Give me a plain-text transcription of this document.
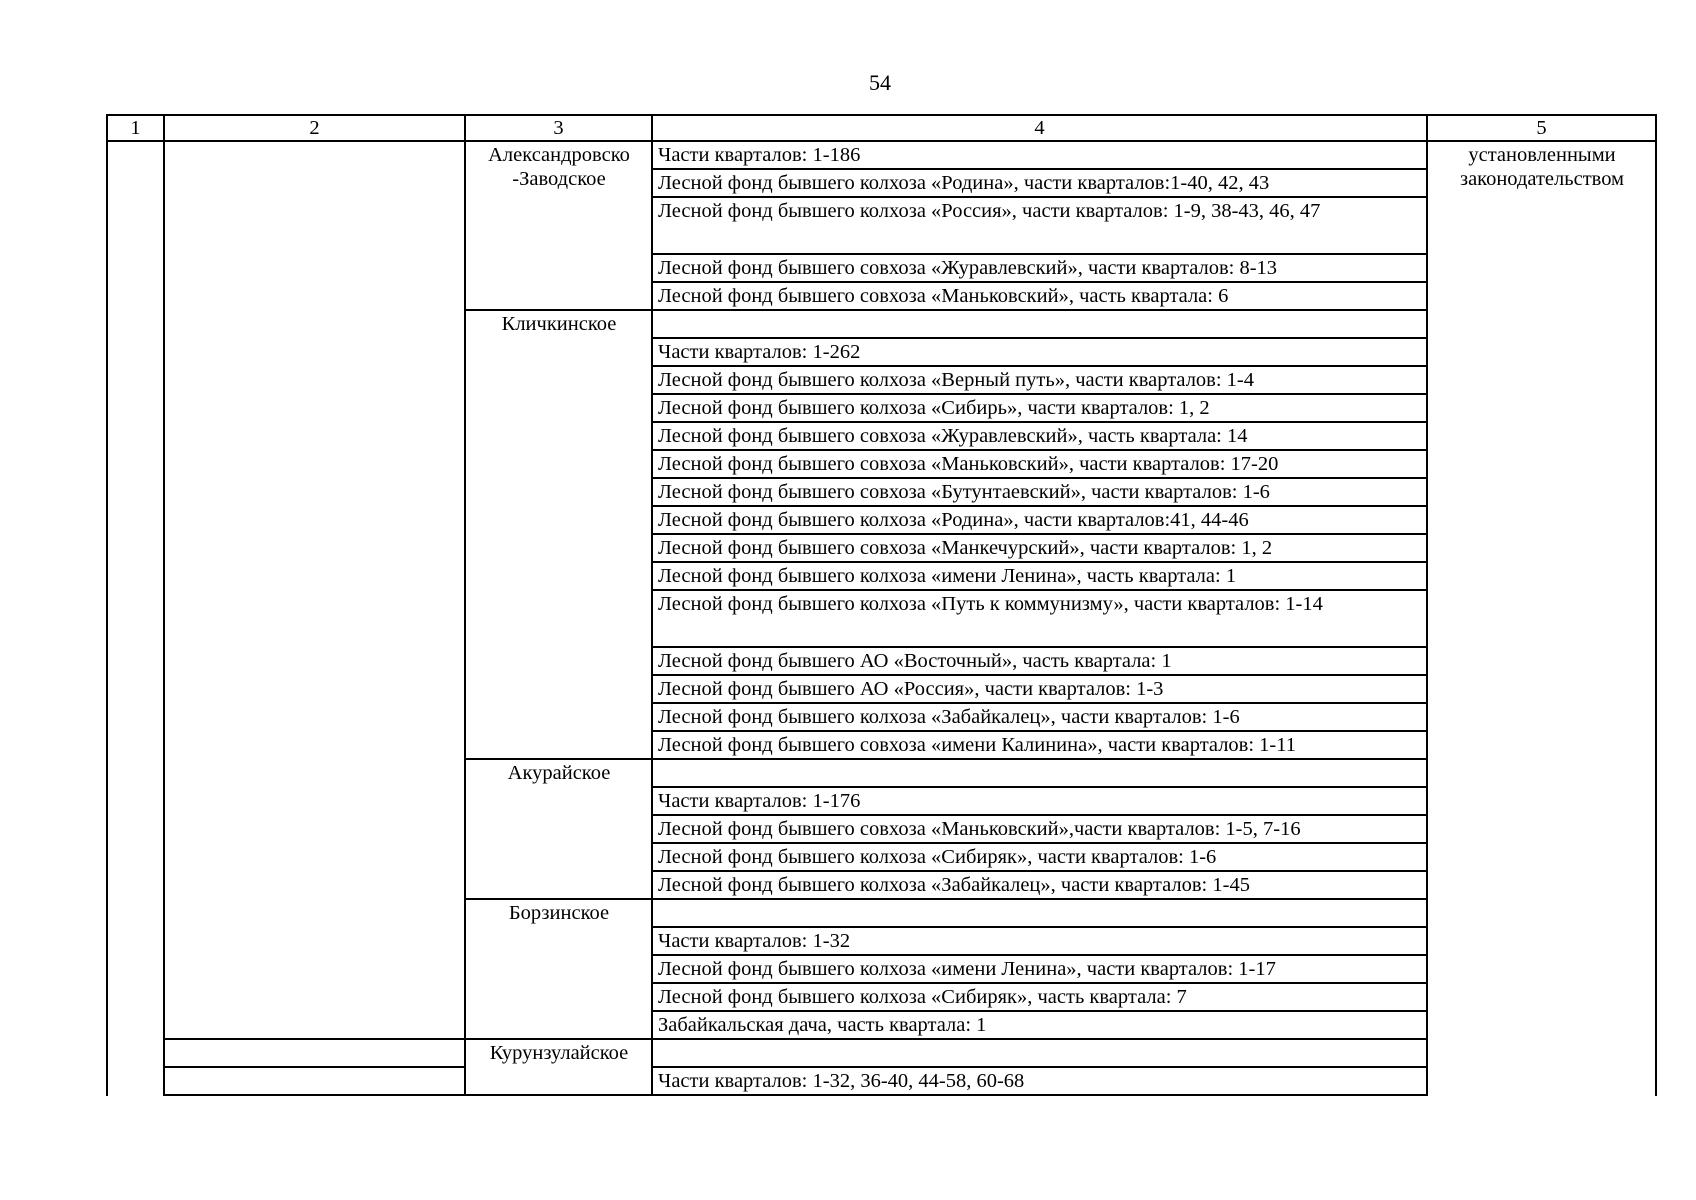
54
1	2	3	4	5
		Александровско -Заводское	Части кварталов: 1-186	установленными законодательством
			Лесной фонд бывшего колхоза «Родина», части кварталов:1-40, 42, 43	
			Лесной фонд бывшего колхоза «Россия», части кварталов: 1-9, 38-43, 46, 47	
			Лесной фонд бывшего совхоза «Журавлевский», части кварталов: 8-13	
			Лесной фонд бывшего совхоза «Маньковский», часть квартала: 6	
		Кличкинское		
			Части кварталов: 1-262	
			Лесной фонд бывшего колхоза «Верный путь», части кварталов: 1-4	
			Лесной фонд бывшего колхоза «Сибирь», части кварталов: 1, 2	
			Лесной фонд бывшего совхоза «Журавлевский», часть квартала: 14	
			Лесной фонд бывшего совхоза «Маньковский», части кварталов: 17-20	
			Лесной фонд бывшего совхоза «Бутунтаевский», части кварталов: 1-6	
			Лесной фонд бывшего колхоза «Родина», части кварталов:41, 44-46	
			Лесной фонд бывшего совхоза «Манкечурский», части кварталов: 1, 2	
			Лесной фонд бывшего колхоза «имени Ленина», часть квартала: 1	
			Лесной фонд бывшего колхоза «Путь к коммунизму», части кварталов: 1-14	
			Лесной фонд бывшего АО «Восточный», часть квартала: 1	
			Лесной фонд бывшего АО «Россия», части кварталов: 1-3	
			Лесной фонд бывшего колхоза «Забайкалец», части кварталов: 1-6	
			Лесной фонд бывшего совхоза «имени Калинина», части кварталов: 1-11	
		Акурайское		
			Части кварталов: 1-176	
			Лесной фонд бывшего совхоза «Маньковский»,части кварталов: 1-5, 7-16	
			Лесной фонд бывшего колхоза «Сибиряк», части кварталов: 1-6	
			Лесной фонд бывшего колхоза «Забайкалец», части кварталов: 1-45	
		Борзинское		
			Части кварталов: 1-32	
			Лесной фонд бывшего колхоза «имени Ленина», части кварталов: 1-17	
			Лесной фонд бывшего колхоза «Сибиряк», часть квартала: 7	
			Забайкальская дача, часть квартала: 1	
		Курунзулайское		
			Части кварталов: 1-32, 36-40, 44-58, 60-68	
